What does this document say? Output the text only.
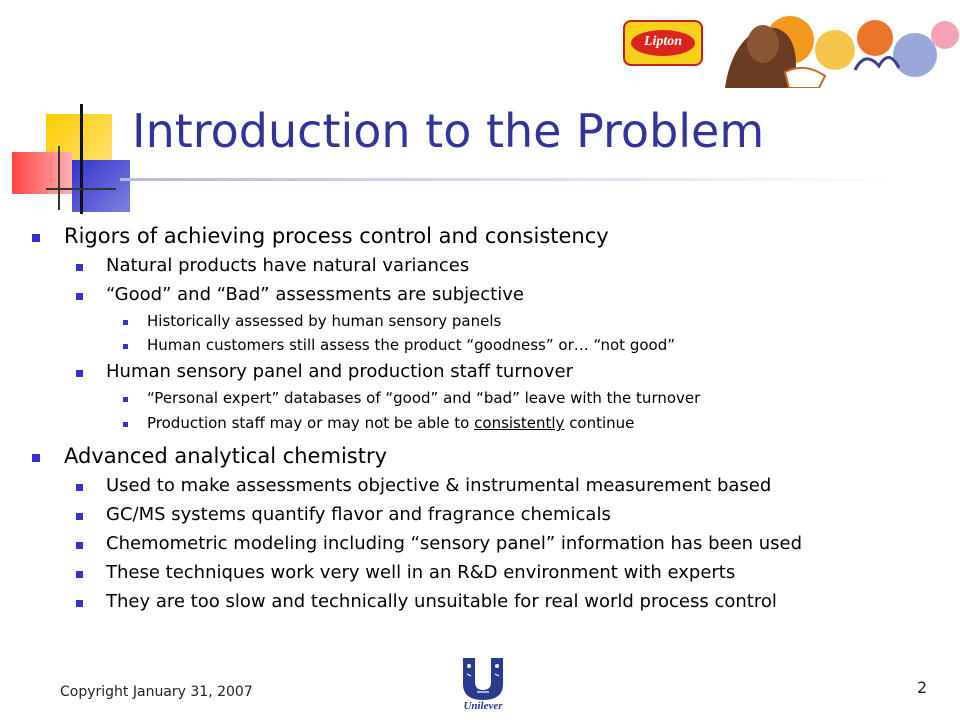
Lipton
Introduction to the Problem
Rigors of achieving process control and consistency
Natural products have natural variances
“Good” and “Bad” assessments are subjective
Historically assessed by human sensory panels
Human customers still assess the product “goodness” or… “not good”
Human sensory panel and production staff turnover
“Personal expert” databases of “good” and “bad” leave with the turnover
Production staff may or may not be able to consistently continue
Advanced analytical chemistry
Used to make assessments objective & instrumental measurement based
GC/MS systems quantify flavor and fragrance chemicals
Chemometric modeling including “sensory panel” information has been used
These techniques work very well in an R&D environment with experts
They are too slow and technically unsuitable for real world process control
Unilever
Copyright January 31, 2007	2
